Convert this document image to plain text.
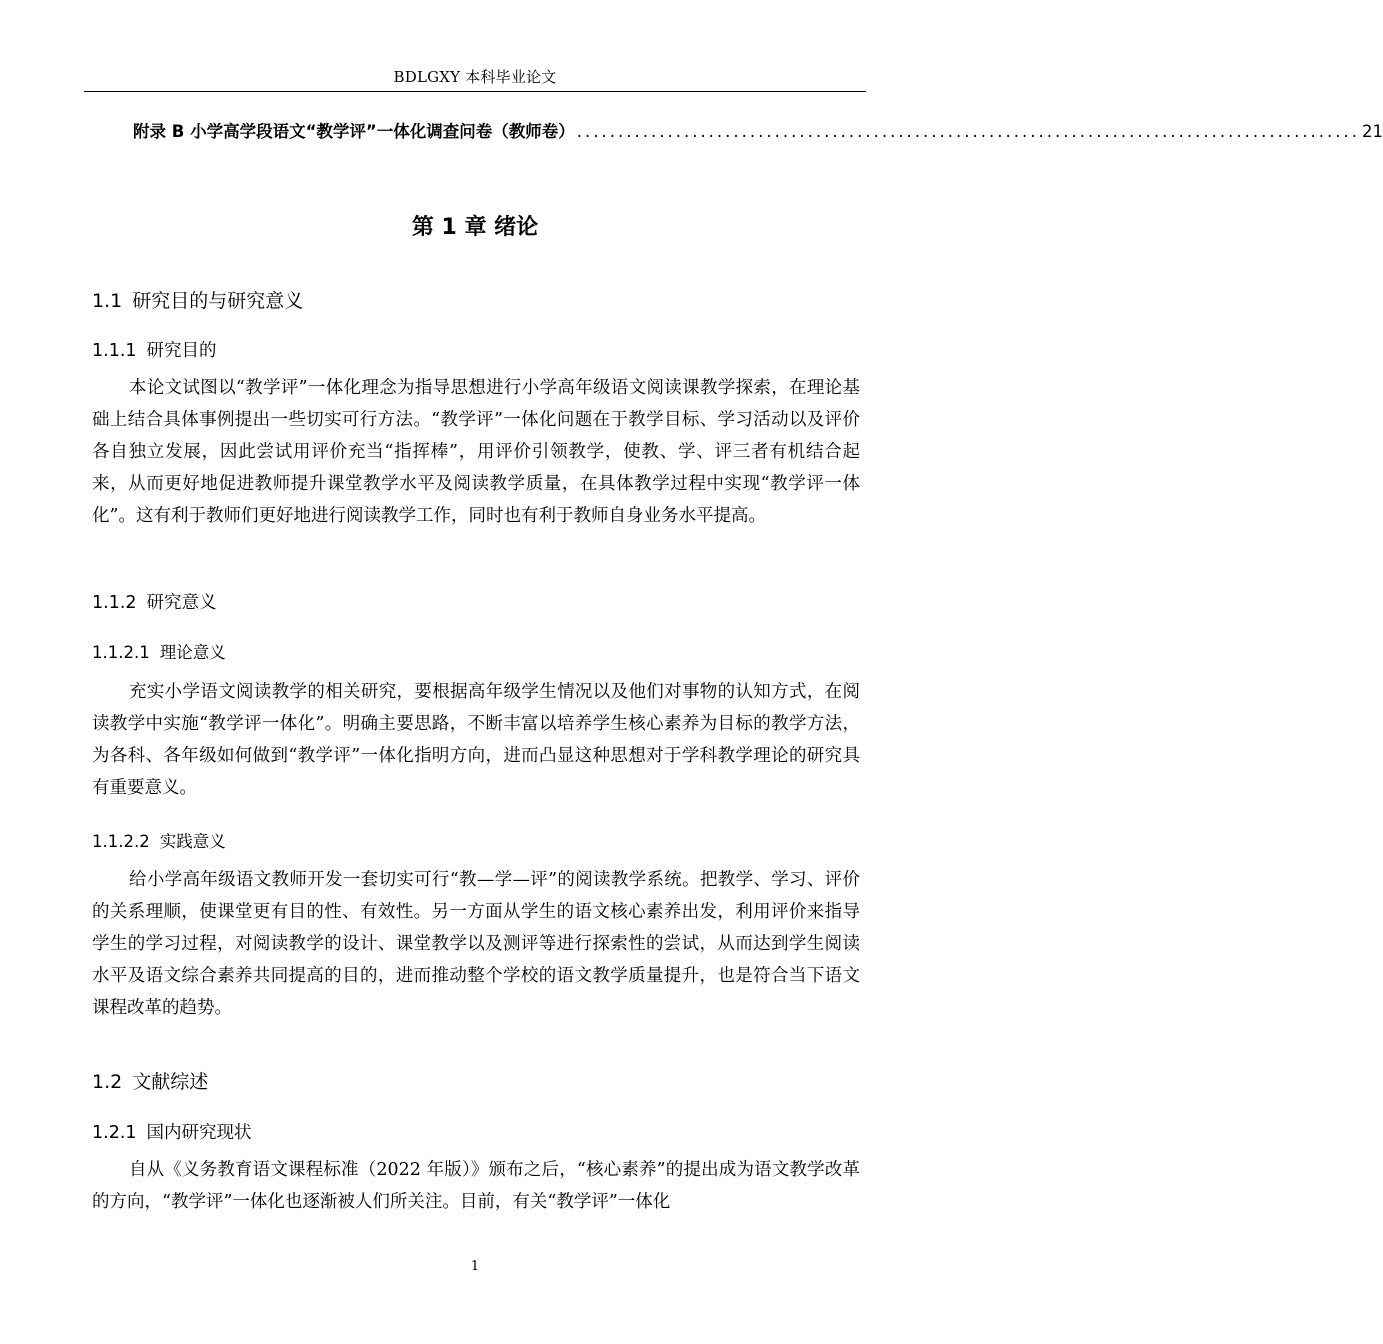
BDLGXY 本科毕业论文
附录 B 小学高学段语文“教学评”一体化调查问卷（教师卷） ............................................................................................... 21
第 1 章 绪论
1.1 研究目的与研究意义
1.1.1 研究目的

本论文试图以“教学评”一体化理念为指导思想进行小学高年级语文阅读课教学探索，在理论基础上结合具体事例提出一些切实可行方法。“教学评”一体化问题在于教学目标、学习活动以及评价各自独立发展，因此尝试用评价充当“指挥棒”，用评价引领教学，使教、学、评三者有机结合起来，从而更好地促进教师提升课堂教学水平及阅读教学质量，在具体教学过程中实现“教学评一体化”。这有利于教师们更好地进行阅读教学工作，同时也有利于教师自身业务水平提高。

1.1.2 研究意义
1.1.2.1 理论意义

充实小学语文阅读教学的相关研究，要根据高年级学生情况以及他们对事物的认知方式，在阅读教学中实施“教学评一体化”。明确主要思路，不断丰富以培养学生核心素养为目标的教学方法，为各科、各年级如何做到“教学评”一体化指明方向，进而凸显这种思想对于学科教学理论的研究具有重要意义。

1.1.2.2 实践意义

给小学高年级语文教师开发一套切实可行“教—学—评”的阅读教学系统。把教学、学习、评价的关系理顺，使课堂更有目的性、有效性。另一方面从学生的语文核心素养出发，利用评价来指导学生的学习过程，对阅读教学的设计、课堂教学以及测评等进行探索性的尝试，从而达到学生阅读水平及语文综合素养共同提高的目的，进而推动整个学校的语文教学质量提升，也是符合当下语文课程改革的趋势。

1.2 文献综述
1.2.1 国内研究现状

自从《义务教育语文课程标准（2022 年版）》颁布之后，“核心素养”的提出成为语文教学改革的方向，“教学评”一体化也逐渐被人们所关注。目前，有关“教学评”一体化

1
